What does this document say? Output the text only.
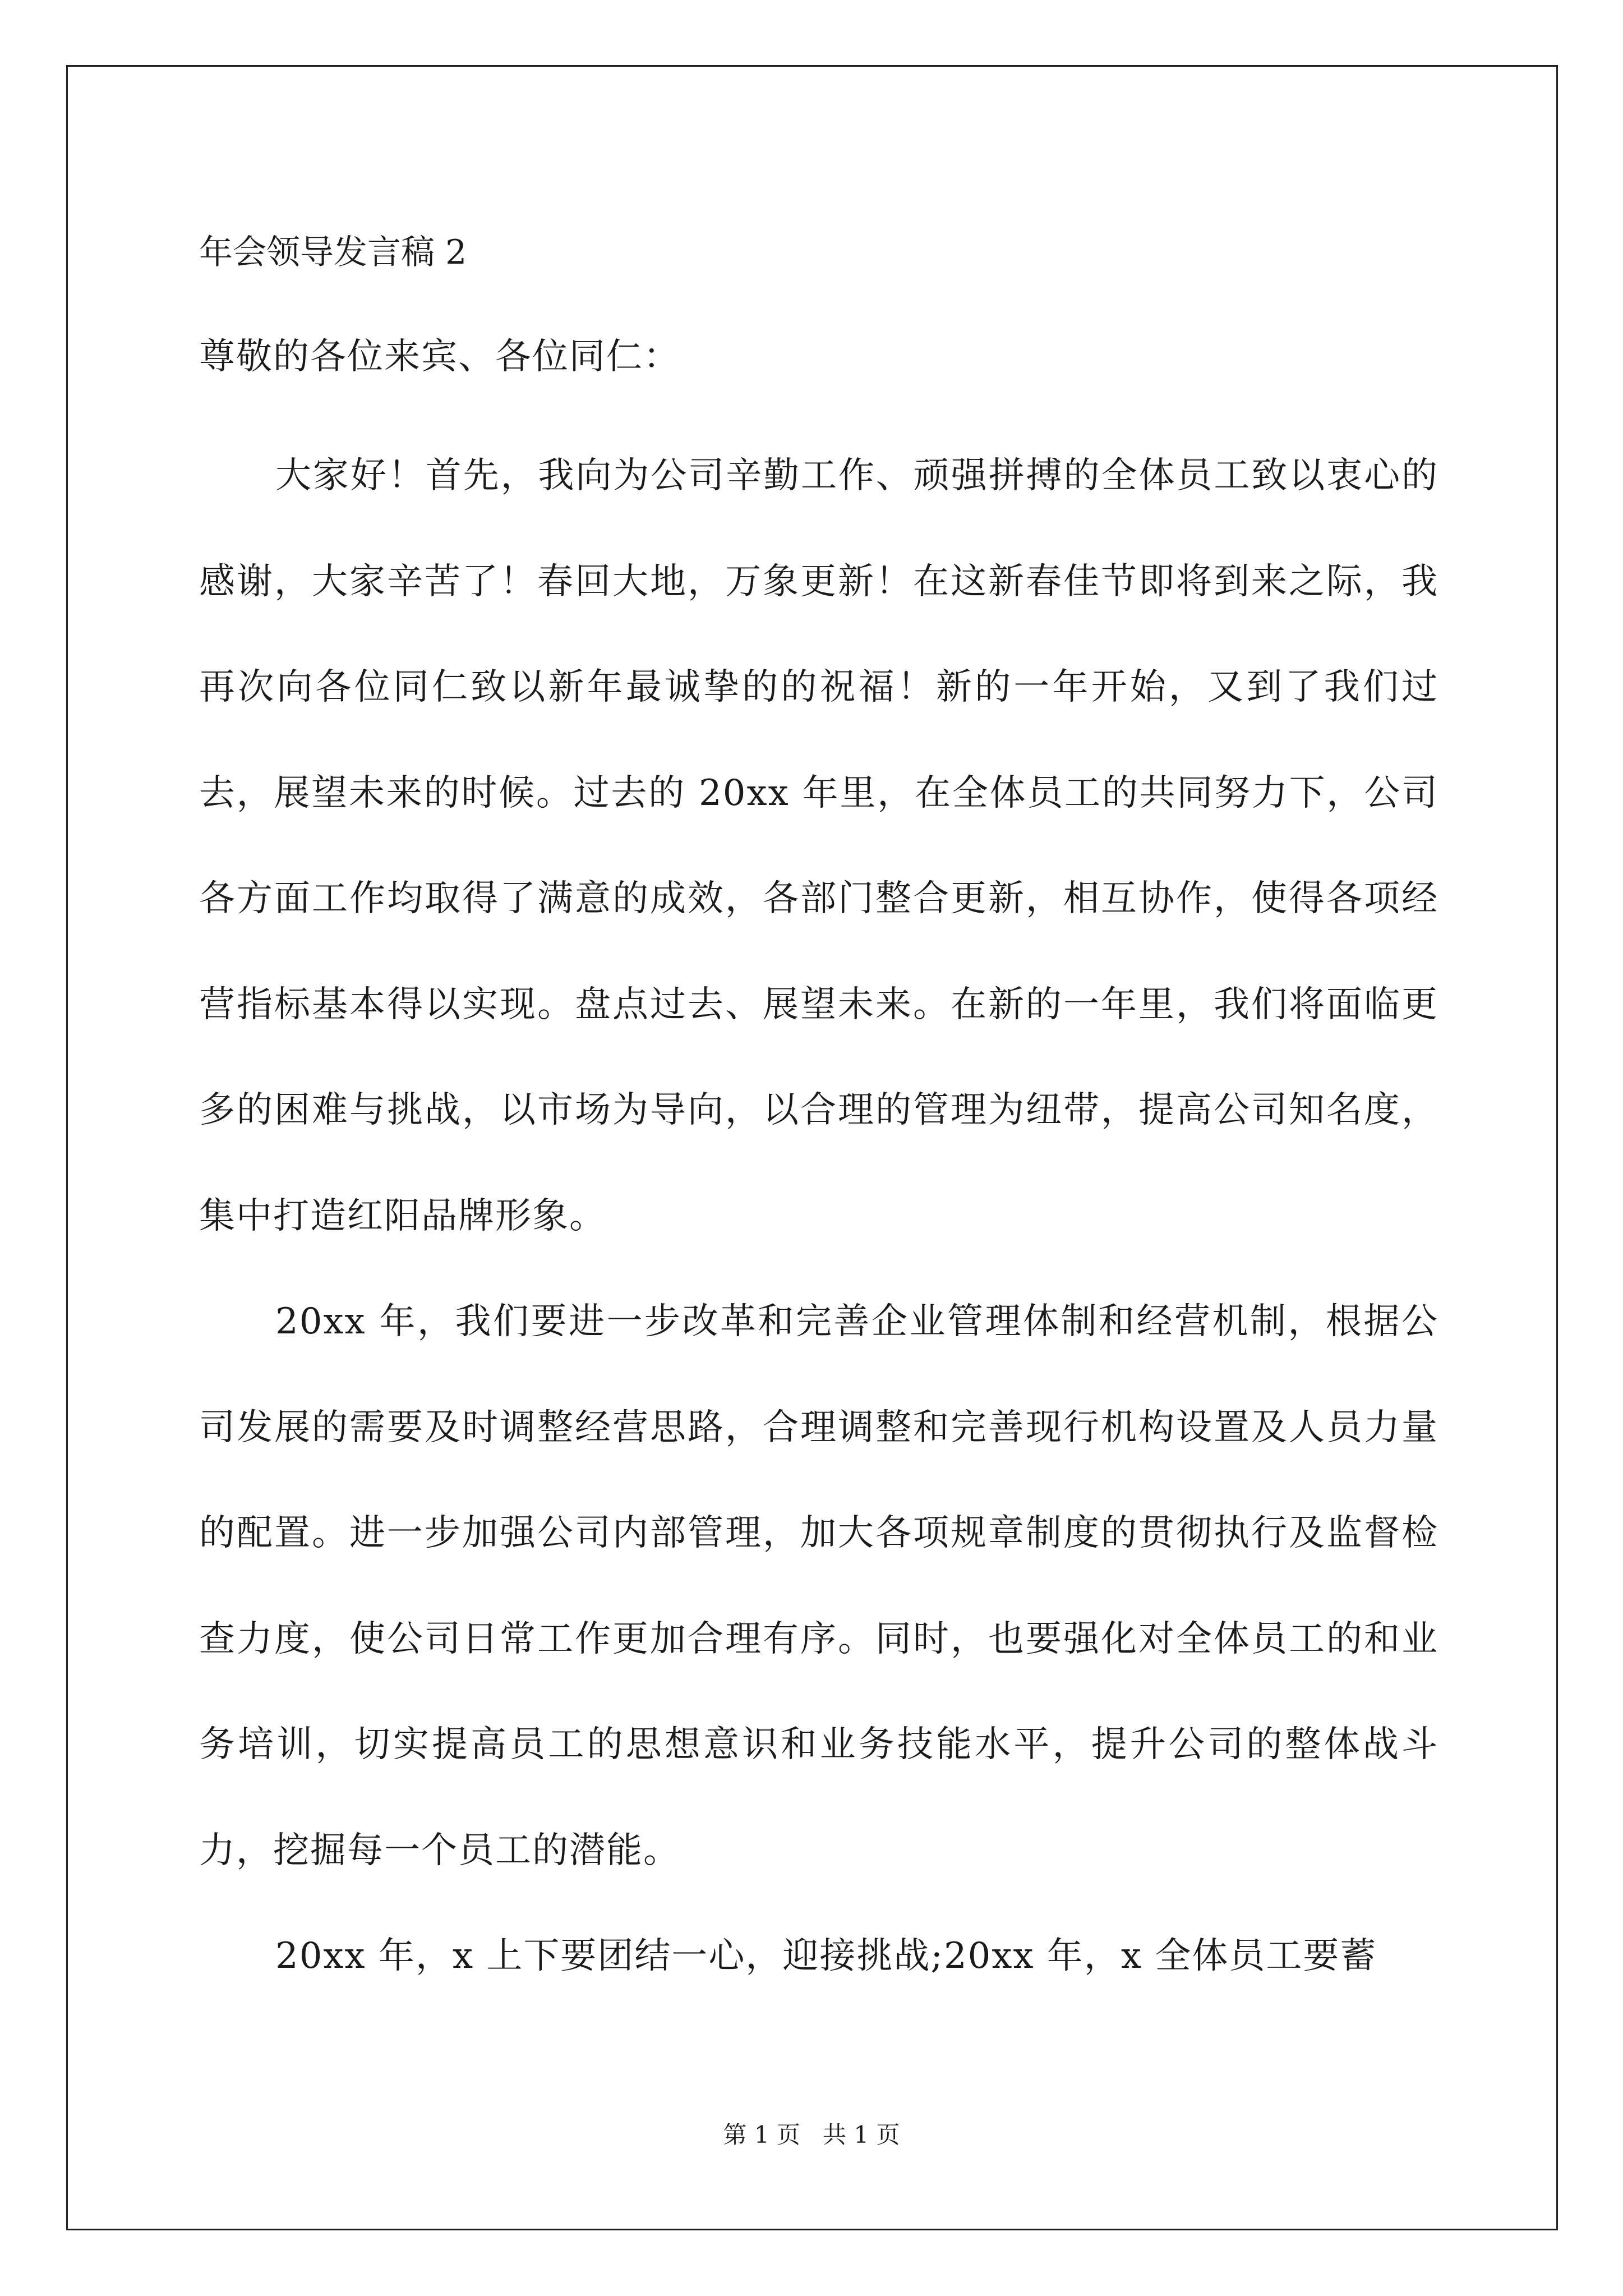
年会领导发言稿 2
尊敬的各位来宾、各位同仁：

大家好！首先，我向为公司辛勤工作、顽强拼搏的全体员工致以衷心的感谢，大家辛苦了！春回大地，万象更新！在这新春佳节即将到来之际，我再次向各位同仁致以新年最诚挚的的祝福！新的一年开始，又到了我们过去，展望未来的时候。过去的 20xx 年里，在全体员工的共同努力下，公司各方面工作均取得了满意的成效，各部门整合更新，相互协作，使得各项经营指标基本得以实现。盘点过去、展望未来。在新的一年里，我们将面临更多的困难与挑战，以市场为导向，以合理的管理为纽带，提高公司知名度，集中打造红阳品牌形象。

20xx 年，我们要进一步改革和完善企业管理体制和经营机制，根据公司发展的需要及时调整经营思路，合理调整和完善现行机构设置及人员力量的配置。进一步加强公司内部管理，加大各项规章制度的贯彻执行及监督检查力度，使公司日常工作更加合理有序。同时，也要强化对全体员工的和业务培训，切实提高员工的思想意识和业务技能水平，提升公司的整体战斗力，挖掘每一个员工的潜能。

20xx 年，x 上下要团结一心，迎接挑战;20xx 年，x 全体员工要蓄

第 1 页   共 1 页
